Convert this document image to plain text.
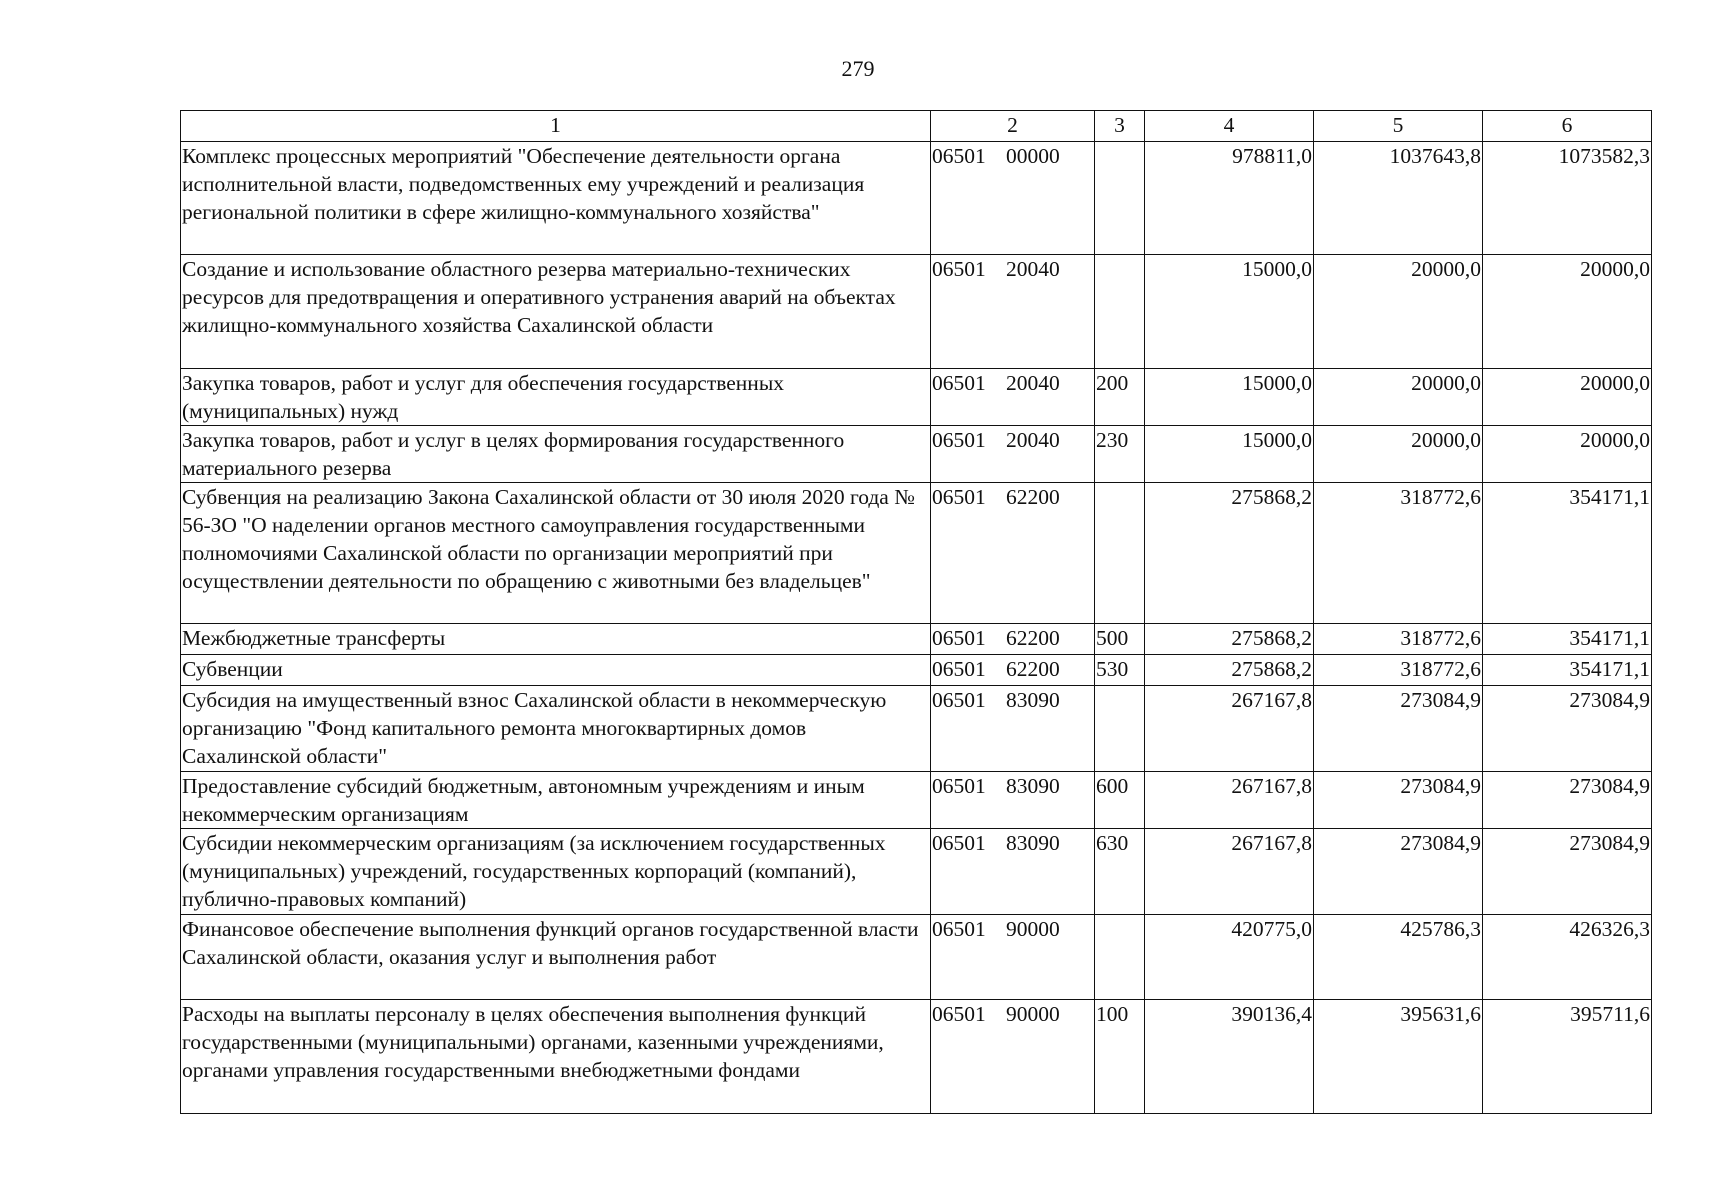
279
1	2	3	4	5	6
Комплекс процессных мероприятий "Обеспечение деятельности органа исполнительной власти, подведомственных ему учреждений и реализация региональной политики в сфере жилищно-коммунального хозяйства"	06501 00000		978811,0	1037643,8	1073582,3
Создание и использование областного резерва материально-технических ресурсов для предотвращения и оперативного устранения аварий на объектах жилищно-коммунального хозяйства Сахалинской области	06501 20040		15000,0	20000,0	20000,0
Закупка товаров, работ и услуг для обеспечения государственных (муниципальных) нужд	06501 20040	200	15000,0	20000,0	20000,0
Закупка товаров, работ и услуг в целях формирования государственного материального резерва	06501 20040	230	15000,0	20000,0	20000,0
Субвенция на реализацию Закона Сахалинской области от 30 июля 2020 года № 56-ЗО "О наделении органов местного самоуправления государственными полномочиями Сахалинской области по организации мероприятий при осуществлении деятельности по обращению с животными без владельцев"	06501 62200		275868,2	318772,6	354171,1
Межбюджетные трансферты	06501 62200	500	275868,2	318772,6	354171,1
Субвенции	06501 62200	530	275868,2	318772,6	354171,1
Субсидия на имущественный взнос Сахалинской области в некоммерческую организацию "Фонд капитального ремонта многоквартирных домов Сахалинской области"	06501 83090		267167,8	273084,9	273084,9
Предоставление субсидий бюджетным, автономным учреждениям и иным некоммерческим организациям	06501 83090	600	267167,8	273084,9	273084,9
Субсидии некоммерческим организациям (за исключением государственных (муниципальных) учреждений, государственных корпораций (компаний), публично-правовых компаний)	06501 83090	630	267167,8	273084,9	273084,9
Финансовое обеспечение выполнения функций органов государственной власти Сахалинской области, оказания услуг и выполнения работ	06501 90000		420775,0	425786,3	426326,3
Расходы на выплаты персоналу в целях обеспечения выполнения функций государственными (муниципальными) органами, казенными учреждениями, органами управления государственными внебюджетными фондами	06501 90000	100	390136,4	395631,6	395711,6
